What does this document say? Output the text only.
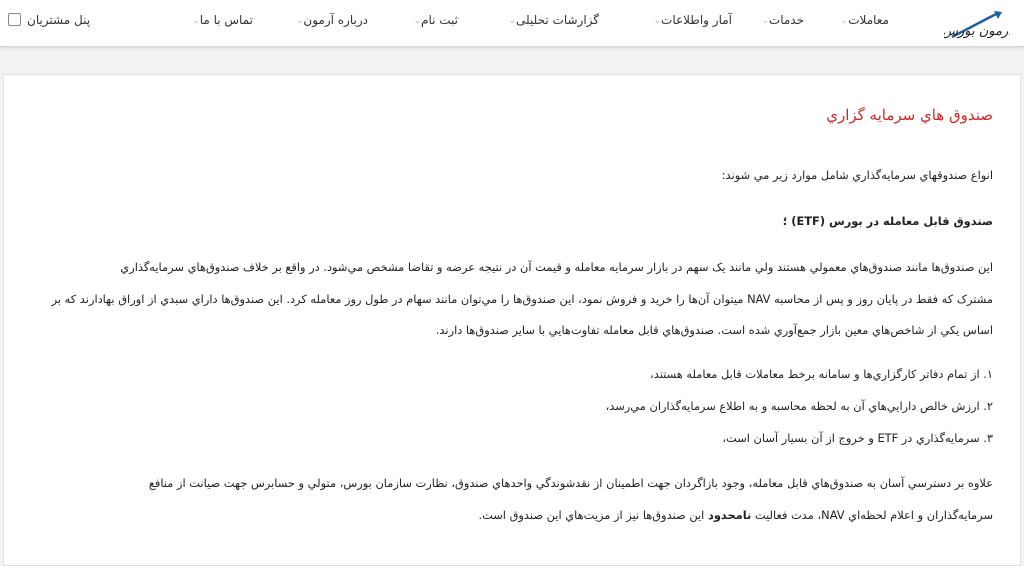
آرمون بورس
معاملات⌄
خدمات⌄
آمار واطلاعات⌄
گزارشات تحليلی⌄
ثبت نام⌄
درباره آرمون⌄
تماس با ما⌄
پنل مشتريان
صندوق هاي سرمايه گزاري
انواع صندوقهاي سرمايه‌گذاري شامل موارد زير مي شوند:
صندوق قابل معامله در بورس (ETF) ؛
اين صندوق‌ها مانند صندوق‌هاي معمولي هستند ولي مانند يک سهم در بازار سرمايه معامله و قيمت آن در نتيجه عرضه و تقاضا مشخص مي‌شود. در واقع بر خلاف صندوق‌هاي سرمايه‌گذاري
مشترک که فقط در پايان روز و پس از محاسبه NAV ميتوان آن‌ها را خريد و فروش نمود، اين صندوق‌ها را مي‌توان مانند سهام در طول روز معامله کرد. اين صندوق‌ها داراي سبدي از اوراق بهادارند که بر
اساس يکي از شاخص‌هاي معين بازار جمع‌آوري شده است. صندوق‌هاي قابل معامله تفاوت‌هايي با ساير صندوق‌ها دارند.
۱. از تمام دفاتر کارگزاري‌ها و سامانه برخط معاملات قابل معامله هستند،
۲. ارزش خالص دارايي‌هاي آن به لحظه محاسبه و به اطلاع سرمايه‌گذاران مي‌رسد،
۳. سرمايه‌گذاري در ETF و خروج از آن بسيار آسان است،
علاوه بر دسترسي آسان به صندوق‌هاي قابل معامله، وجود بازاگردان جهت اطمينان از نقدشوندگي واحدهاي صندوق، نظارت سازمان بورس، متولي و حسابرس جهت صيانت از منافع
سرمايه‌گذاران و اعلام لحظه‌اي NAV، مدت فعاليت نامحدود اين صندوق‌ها نيز از مزيت‌هاي اين صندوق است.
